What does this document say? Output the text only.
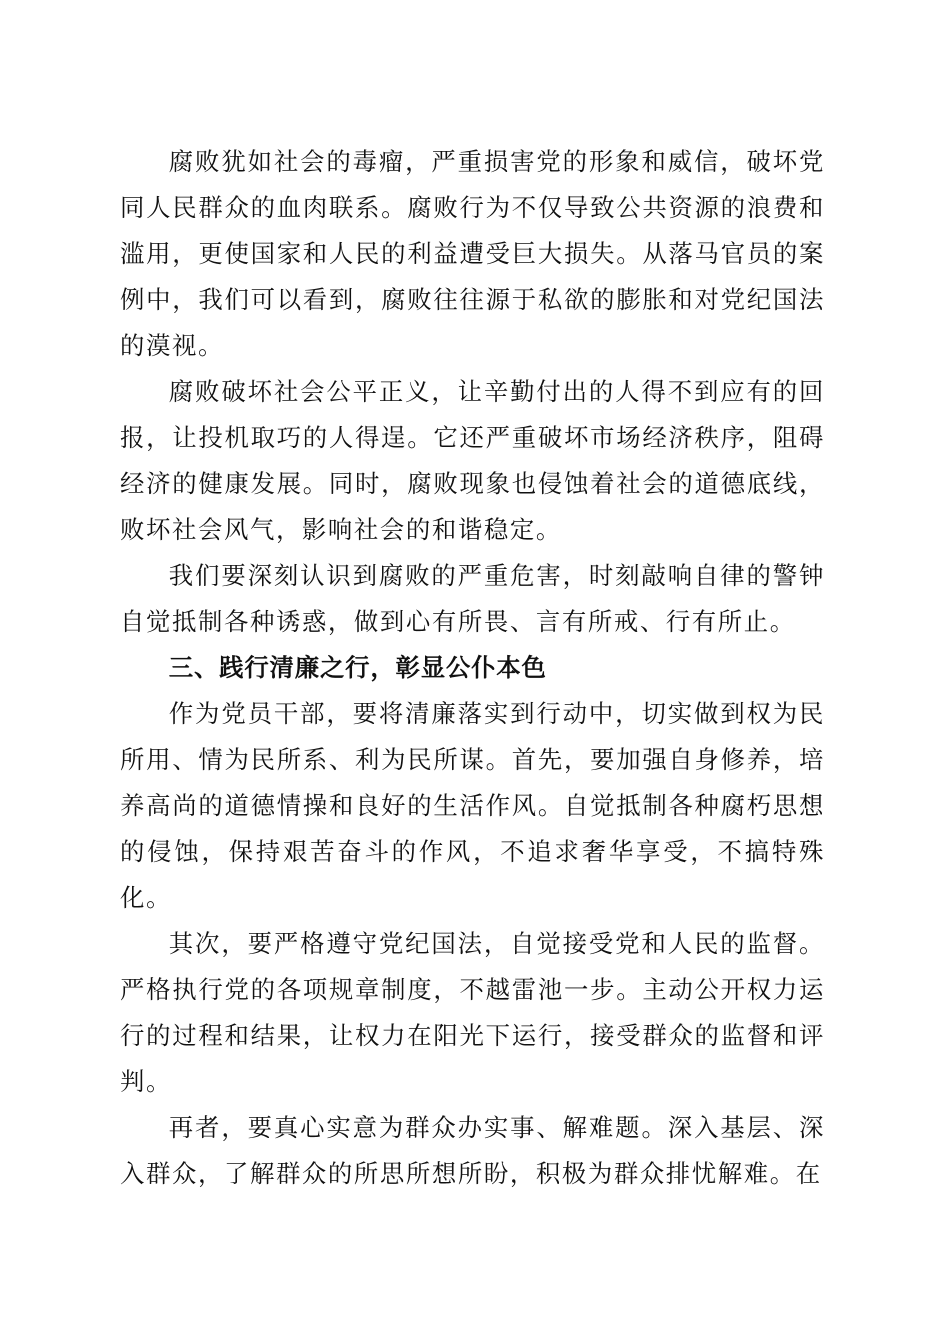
腐败犹如社会的毒瘤，严重损害党的形象和威信，破坏党同人民群众的血肉联系。腐败行为不仅导致公共资源的浪费和滥用，更使国家和人民的利益遭受巨大损失。从落马官员的案例中，我们可以看到，腐败往往源于私欲的膨胀和对党纪国法的漠视。

腐败破坏社会公平正义，让辛勤付出的人得不到应有的回报，让投机取巧的人得逞。它还严重破坏市场经济秩序，阻碍经济的健康发展。同时，腐败现象也侵蚀着社会的道德底线，败坏社会风气，影响社会的和谐稳定。

我们要深刻认识到腐败的严重危害，时刻敲响自律的警钟自觉抵制各种诱惑，做到心有所畏、言有所戒、行有所止。

三、践行清廉之行，彰显公仆本色

作为党员干部，要将清廉落实到行动中，切实做到权为民所用、情为民所系、利为民所谋。首先，要加强自身修养，培养高尚的道德情操和良好的生活作风。自觉抵制各种腐朽思想的侵蚀，保持艰苦奋斗的作风，不追求奢华享受，不搞特殊化。

其次，要严格遵守党纪国法，自觉接受党和人民的监督。严格执行党的各项规章制度，不越雷池一步。主动公开权力运行的过程和结果，让权力在阳光下运行，接受群众的监督和评判。

再者，要真心实意为群众办实事、解难题。深入基层、深入群众，了解群众的所思所想所盼，积极为群众排忧解难。在
